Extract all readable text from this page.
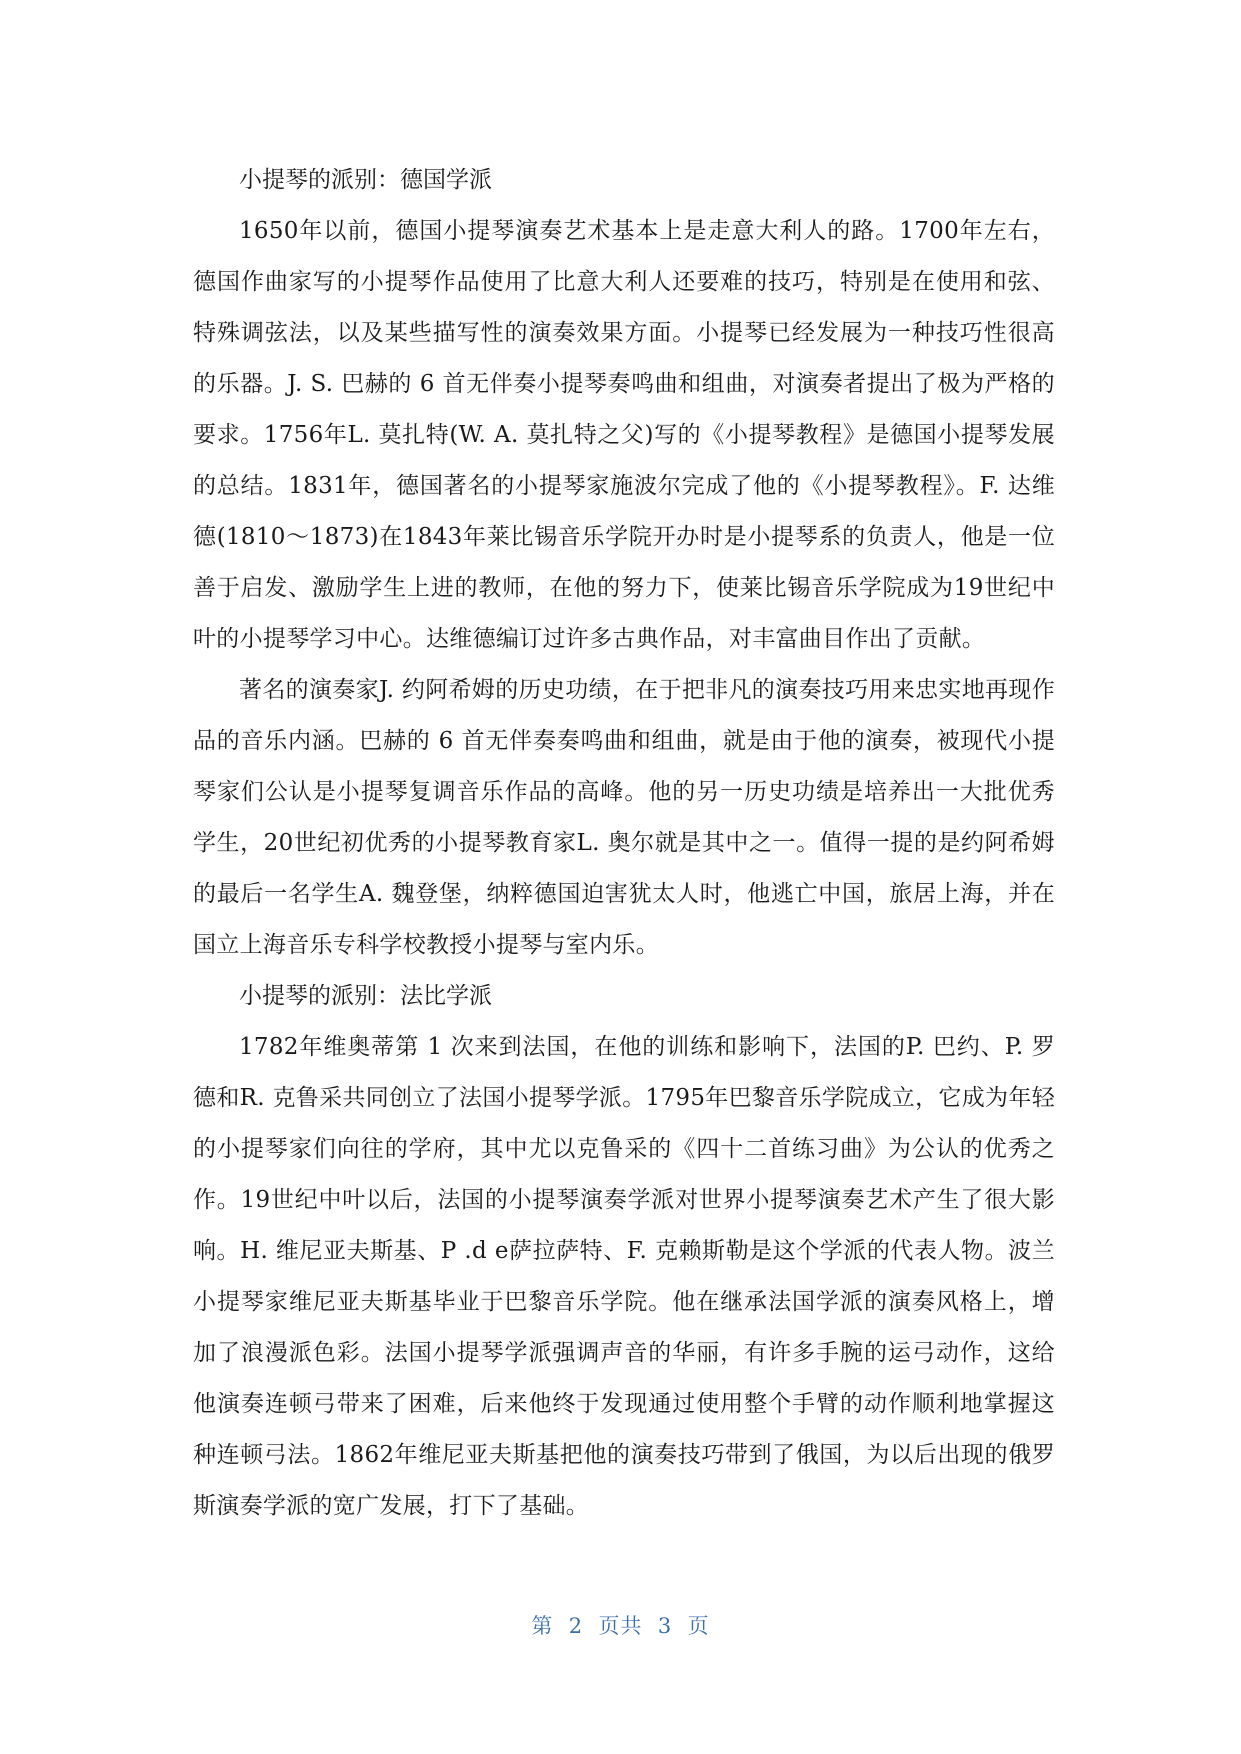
小提琴的派别：德国学派

1650年以前，德国小提琴演奏艺术基本上是走意大利人的路。1700年左右，德国作曲家写的小提琴作品使用了比意大利人还要难的技巧，特别是在使用和弦、特殊调弦法，以及某些描写性的演奏效果方面。小提琴已经发展为一种技巧性很高的乐器。J. S. 巴赫的 6 首无伴奏小提琴奏鸣曲和组曲，对演奏者提出了极为严格的要求。1756年L. 莫扎特(W. A. 莫扎特之父)写的《小提琴教程》是德国小提琴发展的总结。1831年，德国著名的小提琴家施波尔完成了他的《小提琴教程》。F. 达维德(1810～1873)在1843年莱比锡音乐学院开办时是小提琴系的负责人，他是一位善于启发、激励学生上进的教师，在他的努力下，使莱比锡音乐学院成为19世纪中叶的小提琴学习中心。达维德编订过许多古典作品，对丰富曲目作出了贡献。

著名的演奏家J. 约阿希姆的历史功绩，在于把非凡的演奏技巧用来忠实地再现作品的音乐内涵。巴赫的 6 首无伴奏奏鸣曲和组曲，就是由于他的演奏，被现代小提琴家们公认是小提琴复调音乐作品的高峰。他的另一历史功绩是培养出一大批优秀学生，20世纪初优秀的小提琴教育家L. 奥尔就是其中之一。值得一提的是约阿希姆的最后一名学生A. 魏登堡，纳粹德国迫害犹太人时，他逃亡中国，旅居上海，并在国立上海音乐专科学校教授小提琴与室内乐。

小提琴的派别：法比学派

1782年维奥蒂第 1 次来到法国，在他的训练和影响下，法国的P. 巴约、P. 罗德和R. 克鲁采共同创立了法国小提琴学派。1795年巴黎音乐学院成立，它成为年轻的小提琴家们向往的学府，其中尤以克鲁采的《四十二首练习曲》为公认的优秀之作。19世纪中叶以后，法国的小提琴演奏学派对世界小提琴演奏艺术产生了很大影响。H. 维尼亚夫斯基、P .d e萨拉萨特、F. 克赖斯勒是这个学派的代表人物。波兰小提琴家维尼亚夫斯基毕业于巴黎音乐学院。他在继承法国学派的演奏风格上，增加了浪漫派色彩。法国小提琴学派强调声音的华丽，有许多手腕的运弓动作，这给他演奏连顿弓带来了困难，后来他终于发现通过使用整个手臂的动作顺利地掌握这种连顿弓法。1862年维尼亚夫斯基把他的演奏技巧带到了俄国，为以后出现的俄罗斯演奏学派的宽广发展，打下了基础。

第 2 页共 3 页
